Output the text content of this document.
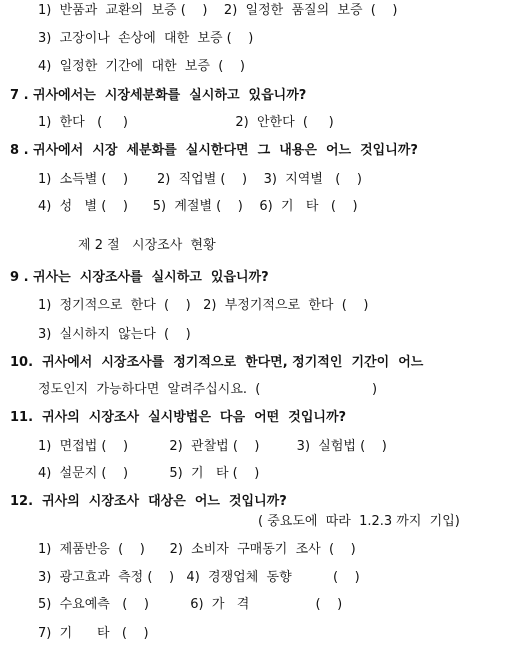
1)  반품과  교환의  보증 (    )    2)  일정한  품질의  보증  (    )
3)  고장이나  손상에  대한  보증 (    )
4)  일정한  기간에  대한  보증  (    )
7 . 귀사에서는  시장세분화를  실시하고  있읍니까?
1)  한다   (     )                          2)  안한다  (     )
8 . 귀사에서  시장  세분화를  실시한다면  그  내용은  어느  것입니까?
1)  소득별 (    )       2)  직업별 (    )    3)  지역별   (    )
4)  성   별 (    )      5)  계절별 (    )    6)  기   타   (    )
제 2 절   시장조사  현황
9 . 귀사는  시장조사를  실시하고  있읍니까?
1)  정기적으로  한다  (    )   2)  부정기적으로  한다  (    )
3)  실시하지  않는다  (    )
10.  귀사에서  시장조사를  정기적으로  한다면, 정기적인  기간이  어느
정도인지  가능하다면  알려주십시요.  (                           )
11.  귀사의  시장조사  실시방법은  다음  어떤  것입니까?
1)  면접법 (    )          2)  관찰법 (    )         3)  실험법 (    )
4)  설문지 (    )          5)  기   타 (    )
12.  귀사의  시장조사  대상은  어느  것입니까?
( 중요도에  따라  1.2.3 까지  기입)
1)  제품반응  (    )      2)  소비자  구매동기  조사  (    )
3)  광고효과  측정 (    )   4)  경쟁업체  동향          (    )
5)  수요예측   (    )          6)  가   격                (    )
7)  기      타   (    )
